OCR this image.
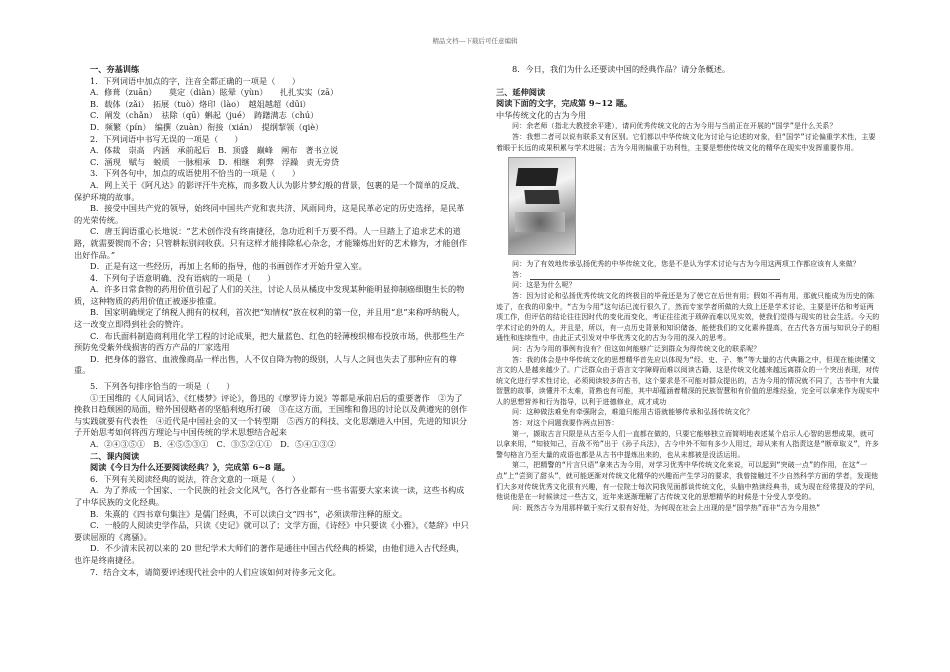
精品文档---下载后可任意编辑

一、夯基训练

1．下列词语中加点的字，注音全都正确的一项是（　　）

A．修葺（zuān）　　莫定（diàn）眩晕（yùn）　　扎扎实实（zā）

B．载体（zǎi）　拓展（tuò）烙印（lào）　越俎越超（dūi）

C．阐发（chǎn）　祛除（qū）蝌起（jué）　踌躇满志（chú）

D．频繁（pín）　编撰（zuàn）衔接（xián）　提纲挈领（qiè）

2．下列词语中书写无误的一项是（　　）

A．体裁 崇高 内涵 承前起后 B．顶盛 巅峰 阐布 著书立说
C．涵现 赋与 蜕质 一脉相承 D．相继 利弊 浮躁 责无旁贷

3．下列各句中，加点的成语使用不恰当的一项是（　　）

A．网上关于《阿凡达》的影评汗牛充栋，而多数人认为影片梦幻般的背景，包裹的是一个简单的反战、保护环境的故事。

B．接受中国共产党的领导，始终同中国共产党和衷共济、风雨同舟，这是民革必定的历史选择，是民革的光荣传统。

C．唐玉润语重心长地说：“艺术创作没有终南捷径，急功近利千万要不得。人一旦踏上了追求艺术的道路，就需要锲而不舍；只管耕耘别问收获。只有这样才能排除私心杂念，才能臻炼出好的艺术修为，才能创作出好作品。”

D．正是有这一些经历，再加上名师的指导，他的书画创作才开始升堂入室。

4．下列句子语意明确、没有语病的一项是（　　）

A．许多日常食物的药用价值引起了人们的关注，讨论人员从橘皮中发现某种能明显抑制癌细胞生长的物质，这种物质的药用价值正被逐步推重。

B．国家明确规定了纳税人拥有的权利，首次把“知情权”放在权利的第一位，并且用“息”来称呼纳税人，这一改变立即得到社会的赞许。

C．布氏面料制造商利用化学工程的讨论成果，把大量蓝色、红色的轻薄梭织棉布投放市场，供那些生产预防免受紫外线损害的西方产品的厂家选用

D．把身体的器官、血液像商品一样出售，人不仅自降为物的级别，人与人之间也失去了那种应有的尊重。

5．下列各句排序恰当的一项是（　　）

①王国维的《人间词话》、《红楼梦》评论》，鲁迅的《摩罗诗力说》等都是承前启后的重要著作　②为了挽救日趋颓困的局面，赔外国侵略者的坚船利炮所打破　③在这方面，王国维和鲁迅的讨论以及黄遵宪的创作与实践就要有代表性　④近代是中国社会的又一个转型期　⑤西方的科技、文化思潮进入中国，先进的知识分子开始思考如何将西方理论与中国传统的学术思想结合起来

A．②④③⑤①　B．④⑤⑤③①　C．③⑤②①①　D．⑤④①③②

二、课内阅读

阅读《今日为什么还要阅读经典？》，完成第 6~8 题。

6．下列有关阅读经典的说法，符合文意的一项是（　　）

A．为了养成一个国家、一个民族的社会文化风气，各行各业都有一些书需要大家来读一读，这些书构成了中华民族的文化经典。

B．朱熹的《四书章句集注》是儒门经典，不可以读白文“四书”，必须读带注释的原文。

C．一般的人阅读史学作品，只读《史记》就可以了；文学方面，《诗经》中只要读《小雅》，《楚辞》中只要读屈原的《离骚》。

D．不少清末民初以来的 20 世纪学术大师们的著作是通往中国古代经典的桥梁，由他们进入古代经典，也许是终南捷径。

7．结合文本，请简要评述现代社会中的人们应该如何对待多元文化。

8．今日，我们为什么还要读中国的经典作品？请分条概述。

三、延伸阅读

阅读下面的文字，完成第 9~12 题。

中华传统文化的古为今用

问：余老师（指北大教授余平建），请问优秀传统文化的古为今用与当前正在开展的“国学”是什么关系？

答：我想二者可以说有联系又有区别。它们都以中华传统文化为讨论与论述的对象，但“国学”讨论偏重学术性，主要着眼于长远的成果积累与学术进展；古为今用则偏重于功利性，主要是想使传统文化的精华在现实中发挥重要作用。

问：为了有效地传承弘扬优秀的中华传统文化，您是不是认为学术讨论与古为今用这两项工作都应该有人来做？

答：

问：这是为什么呢？

答：因为讨论和弘扬优秀传统文化的终极目的毕竟还是为了使它在后世有用；假如不再有用，那就只能成为历史的陈迹了，在我的印象中，“古为今用”这句话已流行很久了，然而专家学者所做的大致上还是学术讨论，主要是评估和考证两项工作，但评估的结论往往因时代的变化而变化，考证往往流于琐碎而难以见实效，使我们觉得与现实的社会生活。今天的学术讨论的外的人，并且是，所以，有一点历史背景和知识储备，能使我们的文化素养提高，在古代各方面与知识分子的相通性和连续性中，由此正式引发对中华优秀文化的古为今用的深入的思考。

问：古为今用的事例有没有？但这如何能够广泛到群众为得传统文化的联系呢？

答：我的体会是中华传统文化的思想精华首先应以体现为“经、史、子、集”等大量的古代典籍之中，但现在能读懂文言文的人是越来越少了。广泛群众由于语言文字障碍而难以阅读古籍，这是传统文化越来越远离群众的一个突出表现，对传统文化进行学术性讨论，必须阅读较多的古书，这个要求是不可能对群众提出的，古为今用的情况就不同了，古书中有大量智慧的故事，读懂并不太难，背熟也有可能，其中却蕴涵着精深的民族智慧和有价值的思维经验，完全可以拿来作为现实中人的思想营养和行为指导，以利于进德修业，成才成功

问：这种做法难免有牵强附会，难道只能用古语就能够传承和弘扬传统文化？

答：对这个问题我要作两点回答：

第一，撷取古言只限是从古至今人们一直都在做的，只要它能够独立而简明地表述某个启示人心智的思想成果，就可以拿来用，“知彼知己，百战不殆”出于《孙子兵法》，古今中外不知有多少人用过，却从来有人指责这是“断章取义”，许多警句格言乃至大量的成语也都是从古书中提炼出来的，也从未都被是没活运用。

第二，把精警的“片言只语”拿来古为今用，对学习优秀中华传统文化来说，可以起到“突破一点”的作用，在这“一点”上“尝到了甜头”，就可能逐渐对传统文化精华的兴趣而产生学习的要求，我曾接触过不少自然科学方面的学者，发现他们大多对传统优秀文化很有兴趣，有一位院士每次同我见面都谈传统文化，头脑中熟读经典书，成为现在经常提及的学问，他说他是在一时候读过一些古文，近年来逐渐理解了古传统文化的思想精华的时候是十分受人享受的。

问：既然古今为用那样做于实行又很有好处，为何现在社会上出现的是“国学热”而非“古为今用热”
